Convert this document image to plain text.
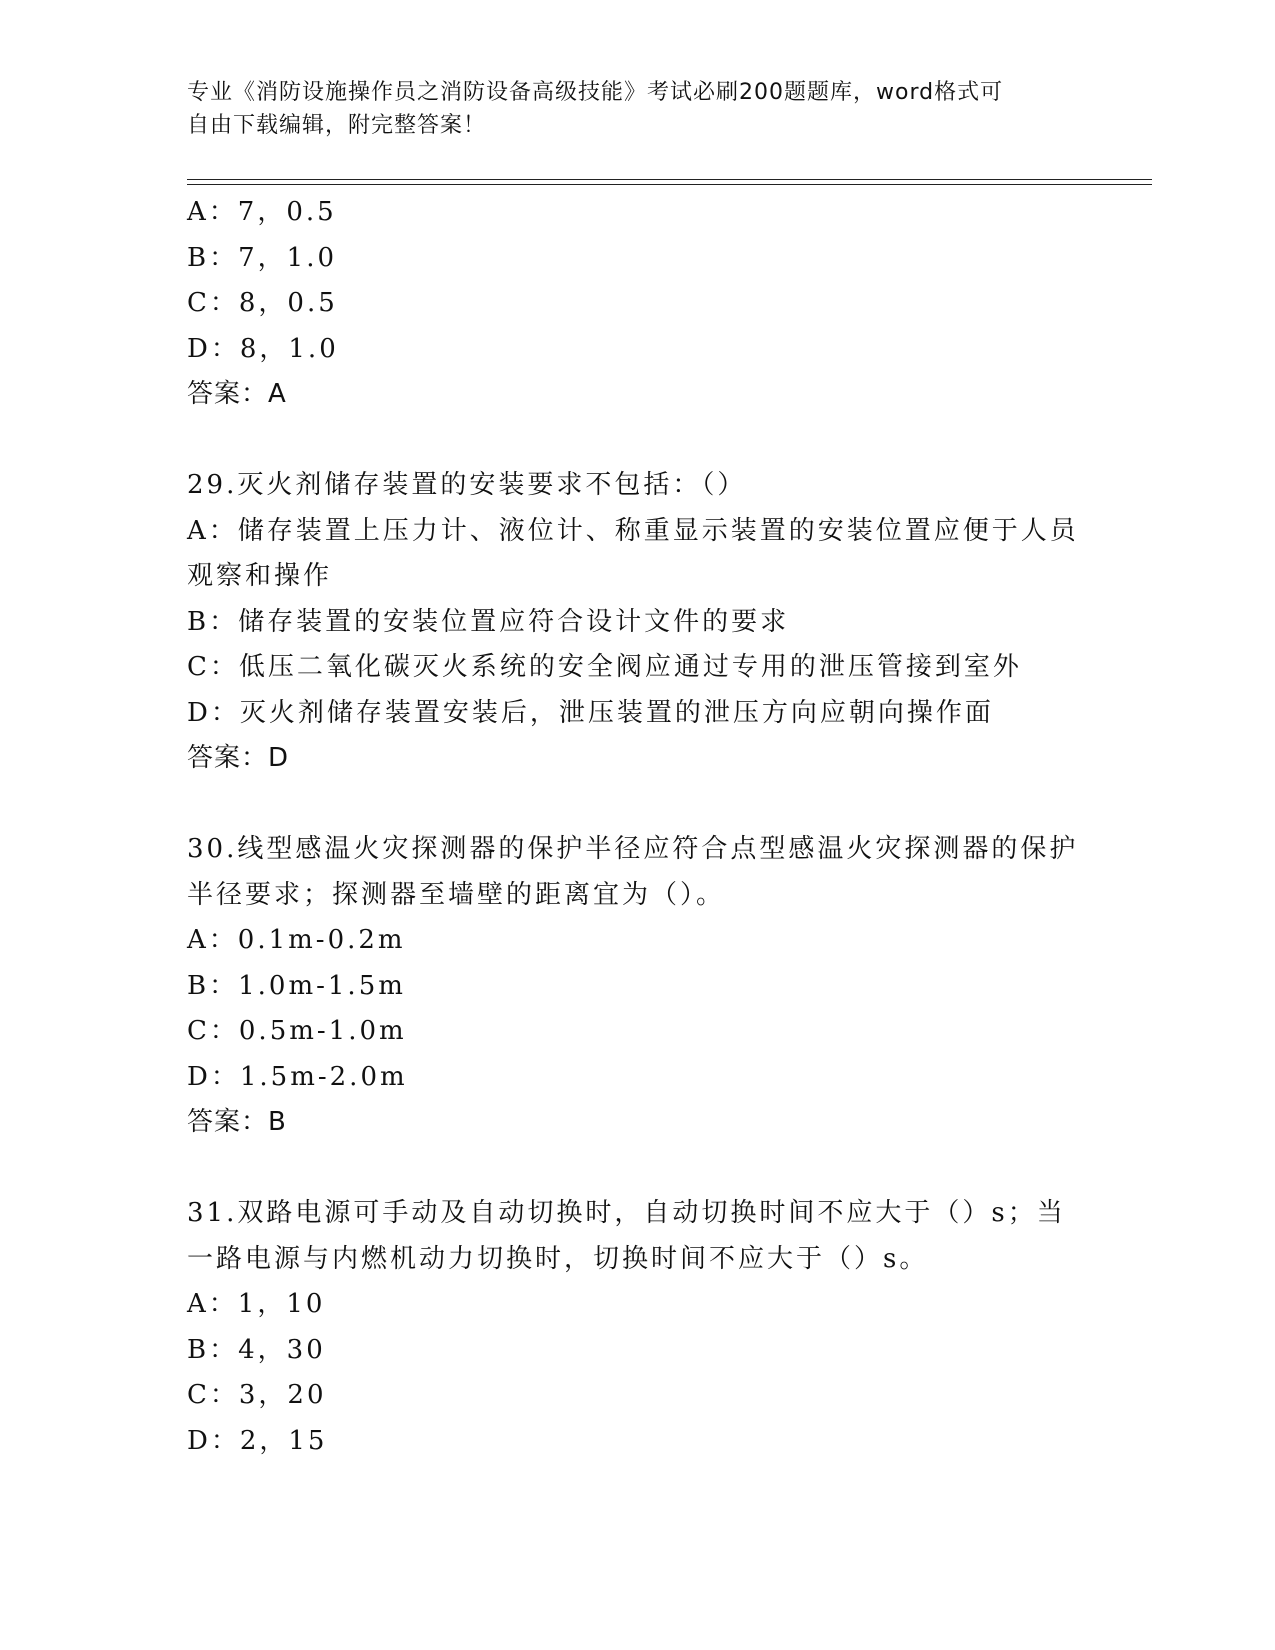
专业《消防设施操作员之消防设备高级技能》考试必刷200题题库，word格式可
自由下载编辑，附完整答案！
A：7，0.5
B：7，1.0
C：8，0.5
D：8，1.0
答案：A
29.灭火剂储存装置的安装要求不包括：（）
A：储存装置上压力计、液位计、称重显示装置的安装位置应便于人员
观察和操作
B：储存装置的安装位置应符合设计文件的要求
C：低压二氧化碳灭火系统的安全阀应通过专用的泄压管接到室外
D：灭火剂储存装置安装后，泄压装置的泄压方向应朝向操作面
答案：D
30.线型感温火灾探测器的保护半径应符合点型感温火灾探测器的保护
半径要求；探测器至墙壁的距离宜为（）。
A：0.1m-0.2m
B：1.0m-1.5m
C：0.5m-1.0m
D：1.5m-2.0m
答案：B
31.双路电源可手动及自动切换时，自动切换时间不应大于（）s；当
一路电源与内燃机动力切换时，切换时间不应大于（）s。
A：1，10
B：4，30
C：3，20
D：2，15
